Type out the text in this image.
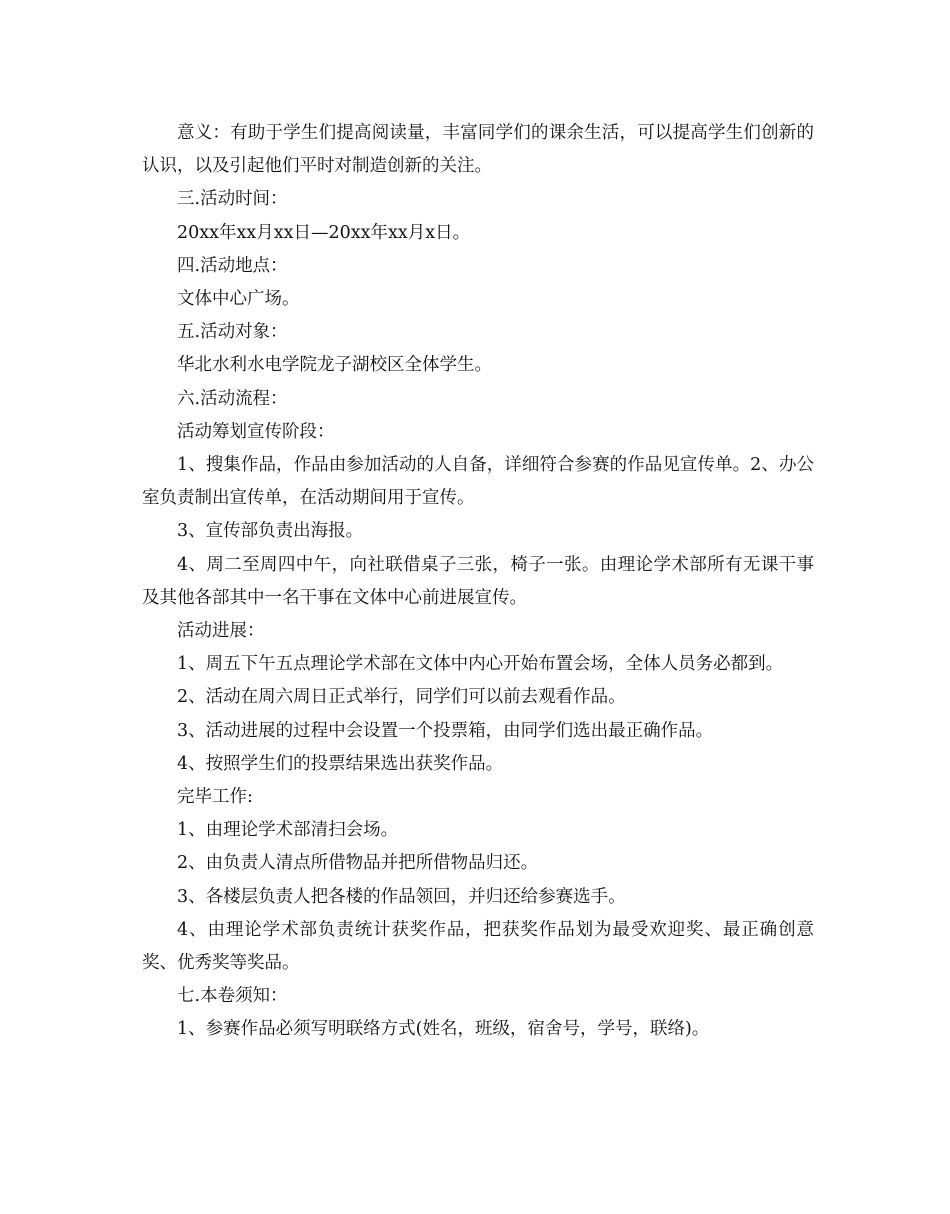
意义：有助于学生们提高阅读量，丰富同学们的课余生活，可以提高学生们创新的认识，以及引起他们平时对制造创新的关注。

三.活动时间：

20xx年xx月xx日—20xx年xx月x日。

四.活动地点：

文体中心广场。

五.活动对象：

华北水利水电学院龙子湖校区全体学生。

六.活动流程：

活动筹划宣传阶段：

1、搜集作品，作品由参加活动的人自备，详细符合参赛的作品见宣传单。2、办公室负责制出宣传单，在活动期间用于宣传。

3、宣传部负责出海报。

4、周二至周四中午，向社联借桌子三张，椅子一张。由理论学术部所有无课干事及其他各部其中一名干事在文体中心前进展宣传。

活动进展：

1、周五下午五点理论学术部在文体中内心开始布置会场，全体人员务必都到。

2、活动在周六周日正式举行，同学们可以前去观看作品。

3、活动进展的过程中会设置一个投票箱，由同学们选出最正确作品。

4、按照学生们的投票结果选出获奖作品。

完毕工作:

1、由理论学术部清扫会场。

2、由负责人清点所借物品并把所借物品归还。

3、各楼层负责人把各楼的作品领回，并归还给参赛选手。

4、由理论学术部负责统计获奖作品，把获奖作品划为最受欢迎奖、最正确创意奖、优秀奖等奖品。

七.本卷须知：

1、参赛作品必须写明联络方式(姓名，班级，宿舍号，学号，联络)。
